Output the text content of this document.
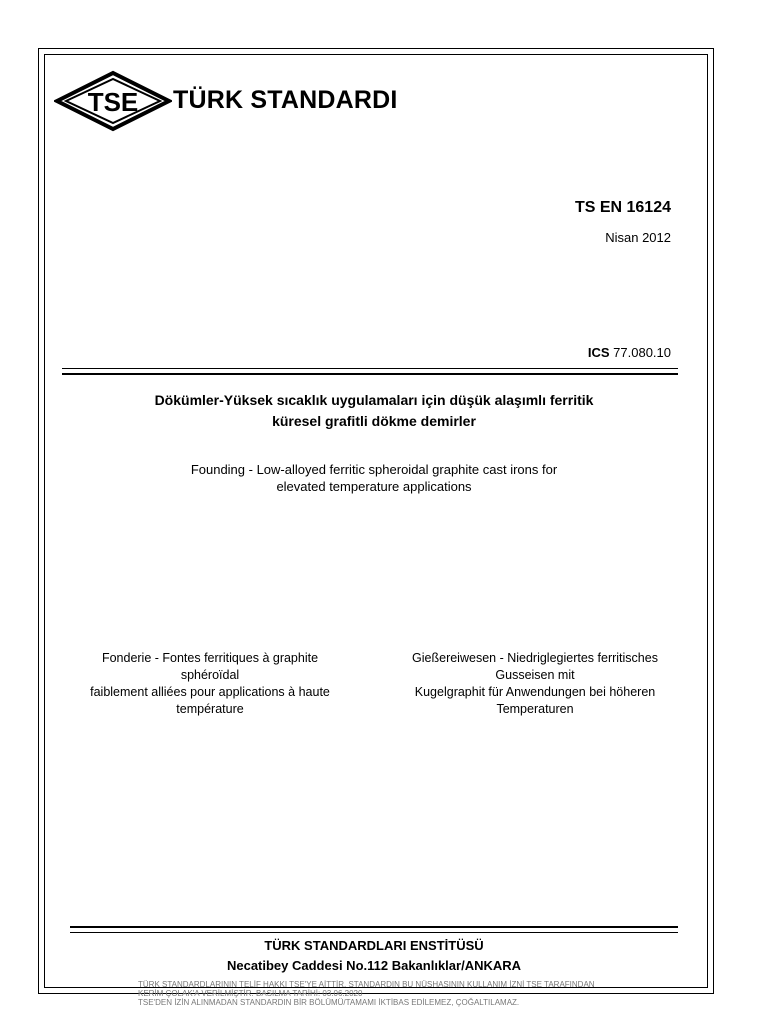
TSE TÜRK STANDARDI
TS EN 16124
Nisan 2012
ICS 77.080.10
Dökümler-Yüksek sıcaklık uygulamaları için düşük alaşımlı ferritik
küresel grafitli dökme demirler
Founding - Low-alloyed ferritic spheroidal graphite cast irons for
elevated temperature applications
Fonderie - Fontes ferritiques à graphite
sphéroïdal
faiblement alliées pour applications à haute
température
Gießereiwesen - Niedriglegiertes ferritisches
Gusseisen mit
Kugelgraphit für Anwendungen bei höheren
Temperaturen
TÜRK STANDARDLARI ENSTİTÜSÜ
Necatibey Caddesi No.112 Bakanlıklar/ANKARA
TÜRK STANDARDLARININ TELİF HAKKI TSE'YE AİTTİR. STANDARDIN BU NÜSHASININ KULLANIM İZNİ TSE TARAFINDAN
KERİM ÇOLAK'A VERİLMİŞTİR. BASILMA TARİHİ: 03.06.2020
TSE'DEN İZİN ALINMADAN STANDARDIN BİR BÖLÜMÜ/TAMAMI İKTİBAS EDİLEMEZ, ÇOĞALTILAMAZ.
